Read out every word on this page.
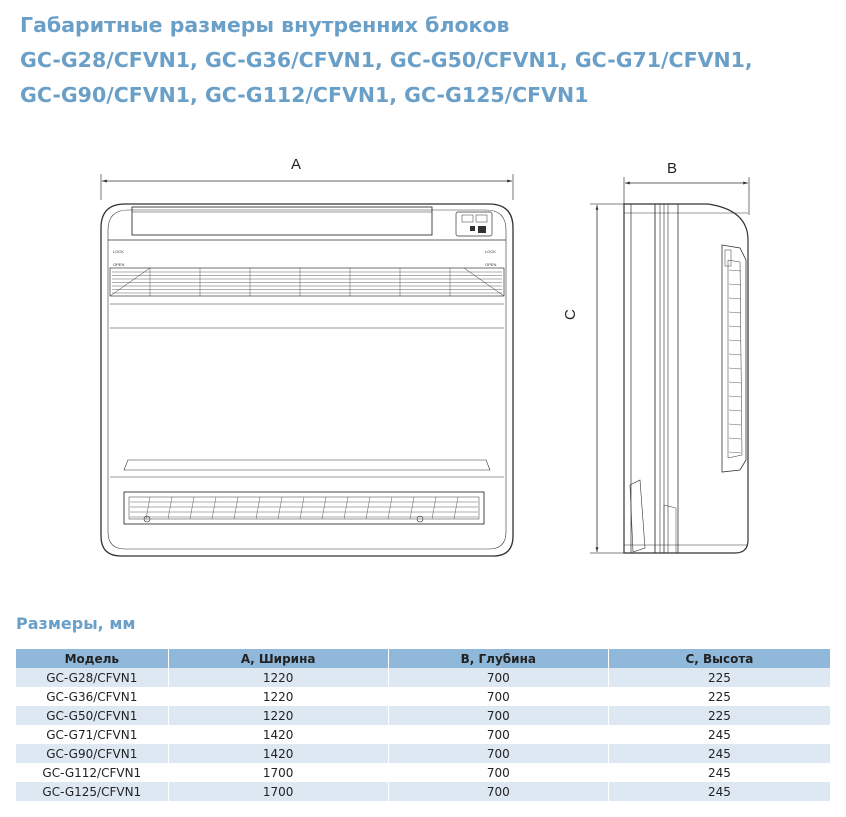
Габаритные размеры внутренних блоков
GC-G28/CFVN1, GC-G36/CFVN1, GC-G50/CFVN1, GC-G71/CFVN1,
GC-G90/CFVN1, GC-G112/CFVN1, GC-G125/CFVN1
A	B
C
LOCK
OPEN
LOCK
OPEN
Размеры, мм
Модель	А, Ширина	B, Глубина	С, Высота
GC-G28/CFVN1	1220	700	225
GC-G36/CFVN1	1220	700	225
GC-G50/CFVN1	1220	700	225
GC-G71/CFVN1	1420	700	245
GC-G90/CFVN1	1420	700	245
GC-G112/CFVN1	1700	700	245
GC-G125/CFVN1	1700	700	245
